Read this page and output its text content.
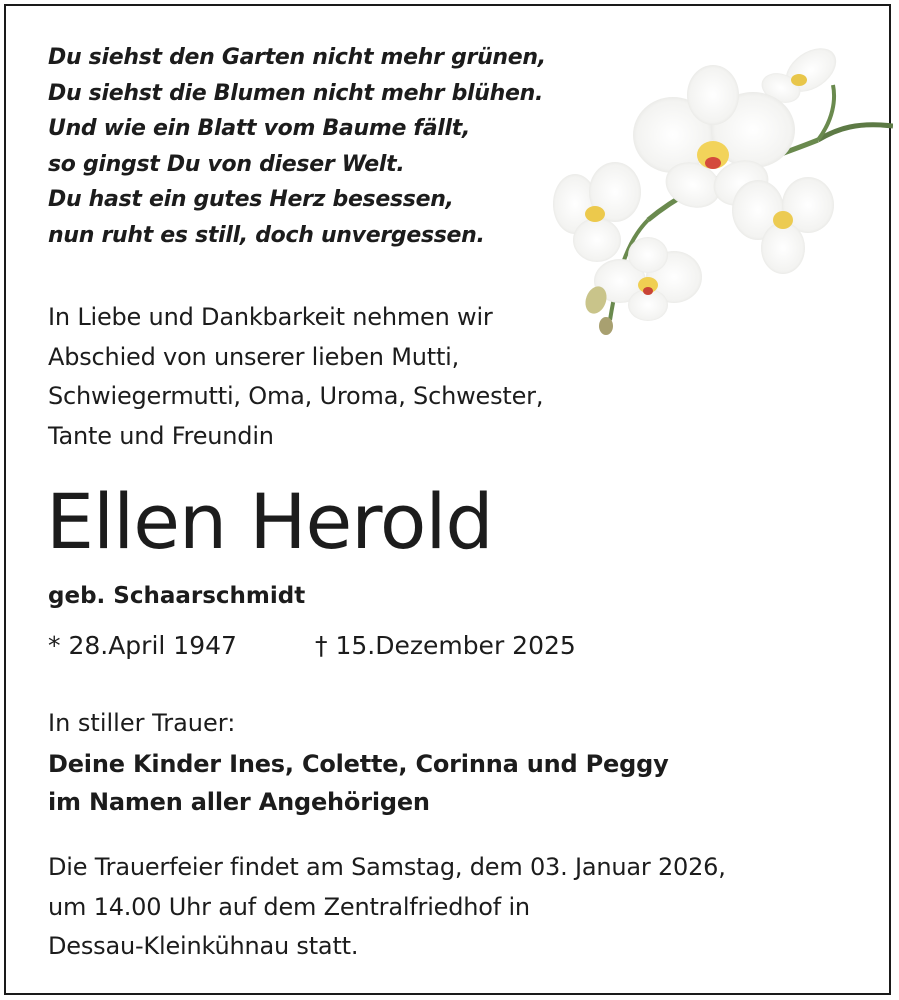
Du siehst den Garten nicht mehr grünen,
Du siehst die Blumen nicht mehr blühen.
Und wie ein Blatt vom Baume fällt,
so gingst Du von dieser Welt.
Du hast ein gutes Herz besessen,
nun ruht es still, doch unvergessen.
In Liebe und Dankbarkeit nehmen wir
Abschied von unserer lieben Mutti,
Schwiegermutti, Oma, Uroma, Schwester,
Tante und Freundin
Ellen Herold
geb. Schaarschmidt
* 28.April 1947	† 15.Dezember 2025
In stiller Trauer:
Deine Kinder Ines, Colette, Corinna und Peggy
im Namen aller Angehörigen
Die Trauerfeier findet am Samstag, dem 03. Januar 2026,
um 14.00 Uhr auf dem Zentralfriedhof in
Dessau-Kleinkühnau statt.
